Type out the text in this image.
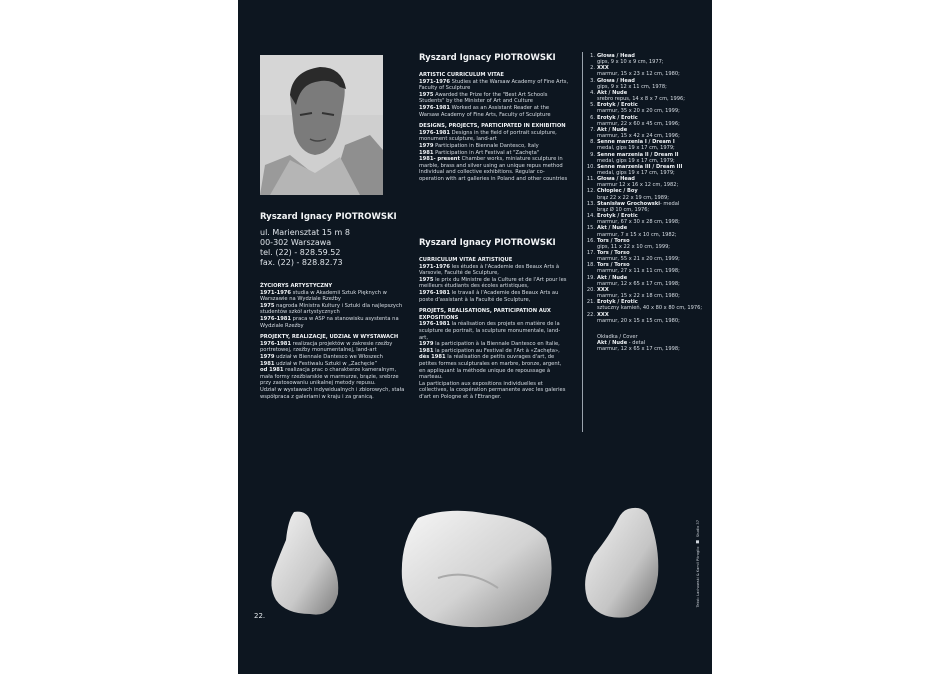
Ryszard Ignacy PIOTROWSKI
ul. Mariensztat 15 m 8
00-302 Warszawa
tel. (22) - 828.59.52
fax. (22) - 828.82.73
ŻYCIORYS ARTYSTYCZNY
1971-1976 studia w Akademii Sztuk Pięknych w Warszawie na Wydziale Rzeźby
1975 nagroda Ministra Kultury i Sztuki dla najlepszych studentów szkół artystycznych
1976-1981 praca w ASP na stanowisku asystenta na Wydziale Rzeźby
PROJEKTY, REALIZACJE, UDZIAŁ W WYSTAWACH
1976-1981 realizacja projektów w zakresie rzeźby portretowej, rzeźby monumentalnej, land-art
1979 udział w Biennale Dantesco we Włoszech
1981 udział w Festiwalu Sztuki w „Zachęcie”
od 1981 realizacja prac o charakterze kameralnym, mała formy rzeźbiarskie w marmurze, brązie, srebrze przy zastosowaniu unikalnej metody repusu.
Udział w wystawach indywidualnych i zbiorowych, stała współpraca z galeriami w kraju i za granicą.
Ryszard Ignacy PIOTROWSKI
ARTISTIC CURRICULUM VITAE
1971-1976 Studies at the Warsaw Academy of Fine Arts, Faculty of Sculpture
1975 Awarded the Prize for the "Best Art Schools Students" by the Minister of Art and Culture
1976-1981 Worked as an Assistant Reader at the Warsaw Academy of Fine Arts, Faculty of Sculpture
DESIGNS, PROJECTS, PARTICIPATED IN EXHIBITION
1976-1981 Designs in the field of portrait sculpture, monument sculpture, land-art
1979 Participation in Biennale Dantesco, Italy
1981 Participation in Art Festival at "Zachęta"
1981- present Chamber works, miniature sculpture in marble, brass and silver using an unique repus method Individual and collective exhibitions. Regular co-operation with art galleries in Poland and other countries
Ryszard Ignacy PIOTROWSKI
CURRICULUM VITAE ARTISTIQUE
1971-1976 les études à l'Academie des Beaux Arts à Varsovie, Faculté de Sculpture,
1975 le prix du Ministre de la Culture et de l'Art pour les meilleurs étudiants des écoles artistiques,
1976-1981 le travail à l'Academie des Beaux Arts au poste d'assistant à la Faculté de Sculpture,
PROJETS, REALISATIONS, PARTICIPATION AUX EXPOSITIONS
1976-1981 la réalisation des projets en matière de la sculpture de portrait, la sculpture monumentale, land-art,
1979 la participation à la Biennale Dantesco en Italie,
1981 la participation au Festival de l'Art à «Zachęta»,
dès 1981 la réalisation de petits ouvrages d'art, de petites formes sculpturales en marbre, bronze, argent, en appliquant la méthode unique de repoussage à marteau.
La participation aux expositions individuelles et collectives, la coopération permanente avec les galeries d'art en Pologne et à l'Etranger.
1. Głowa / Head
gips, 9 x 10 x 9 cm, 1977;
2. XXX
marmur, 15 x 23 x 12 cm, 1980;
3. Głowa / Head
gips, 9 x 12 x 11 cm, 1978;
4. Akt / Nude
srebro repus, 14 x 8 x 7 cm, 1996;
5. Erotyk / Erotic
marmur, 35 x 20 x 20 cm, 1999;
6. Erotyk / Erotic
marmur, 22 x 60 x 45 cm, 1996;
7. Akt / Nude
marmur, 15 x 42 x 24 cm, 1996;
8. Senne marzenia I / Dream I
medal, gips 19 x 17 cm, 1979;
9. Senne marzenia II / Dream II
medal, gips 19 x 17 cm, 1979;
10. Senne marzenia III / Dream III
medal, gips 19 x 17 cm, 1979;
11. Głowa / Head
marmur 12 x 16 x 12 cm, 1982;
12. Chłopiec / Boy
brąz 22 x 22 x 19 cm, 1989;
13. Stanisław Grochowski - medal
brąz Ø 10 cm, 1976;
14. Erotyk / Erotic
marmur, 67 x 30 x 28 cm, 1998;
15. Akt / Nude
marmur, 7 x 15 x 10 cm, 1982;
16. Tors / Torso
gips, 11 x 22 x 10 cm, 1999;
17. Tors / Torso
marmur, 55 x 21 x 20 cm, 1999;
18. Tors / Torso
marmur, 27 x 11 x 11 cm, 1998;
19. Akt / Nude
marmur, 12 x 65 x 17 cm, 1998;
20. XXX
marmur, 15 x 22 x 18 cm, 1980;
21. Erotyk / Erotic
sztuczny kamień, 40 x 80 x 80 cm, 1976;
22. XXX
marmur, 20 x 15 x 15 cm, 1980;
Okładka / Cover
Akt / Nude - detal
marmur, 12 x 65 x 17 cm, 1998;
22.
Tekst: Lachowski & Kamil Pitroglio  Studio 37
